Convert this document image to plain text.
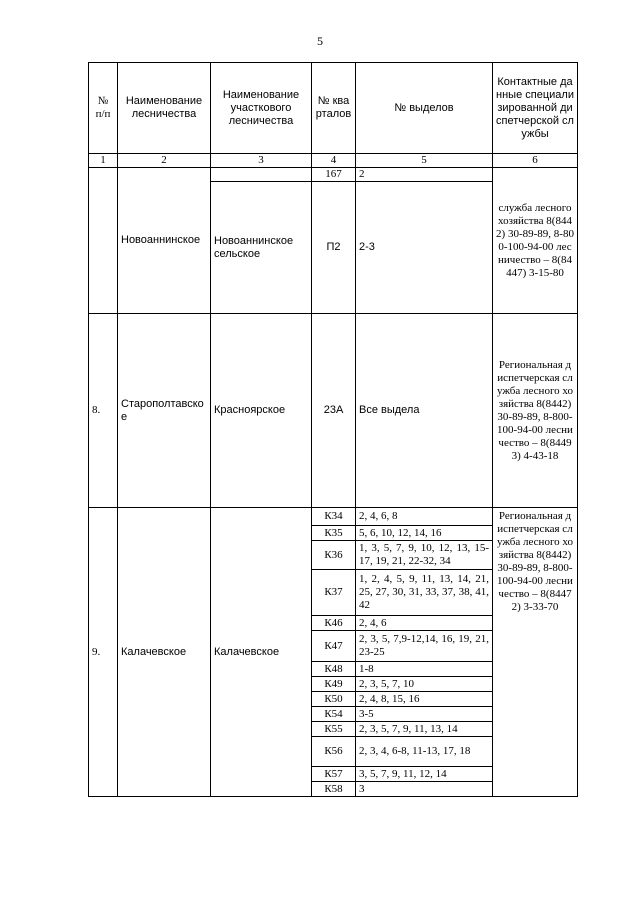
5
№ п/п	Наименование лесничества	Наименование участкового лесничества	№ кварталов	№ выделов	Контактные данные специализированной диспетчерской службы
1	2	3	4	5	6
	Новоаннинское		167	2	служба лесного хозяйства 8(8442) 30-89-89, 8-800-100-94-00 лесничество – 8(84447) 3-15-80
		Новоаннинское сельское	П2	2-3	
8.	Старополтавское	Красноярское	23А	Все выдела	Региональная диспетчерская служба лесного хозяйства 8(8442) 30-89-89, 8-800-100-94-00 лесничество – 8(84493) 4-43-18
9.	Калачевское	Калачевское	К34	2, 4, 6, 8	Региональная диспетчерская служба лесного хозяйства 8(8442) 30-89-89, 8-800-100-94-00 лесничество – 8(84472) 3-33-70
			К35	5, 6, 10, 12, 14, 16	
			К36	1, 3, 5, 7, 9, 10, 12, 13, 15-17, 19, 21, 22-32, 34	
			К37	1, 2, 4, 5, 9, 11, 13, 14, 21, 25, 27, 30, 31, 33, 37, 38, 41, 42	
			К46	2, 4, 6	
			К47	2, 3, 5, 7,9-12,14, 16, 19, 21, 23-25	
			К48	1-8	
			К49	2, 3, 5, 7, 10	
			К50	2, 4, 8, 15, 16	
			К54	3-5	
			К55	2, 3, 5, 7, 9, 11, 13, 14	
			К56	2, 3, 4, 6-8, 11-13, 17, 18	
			К57	3, 5, 7, 9, 11, 12, 14	
			К58	3	
